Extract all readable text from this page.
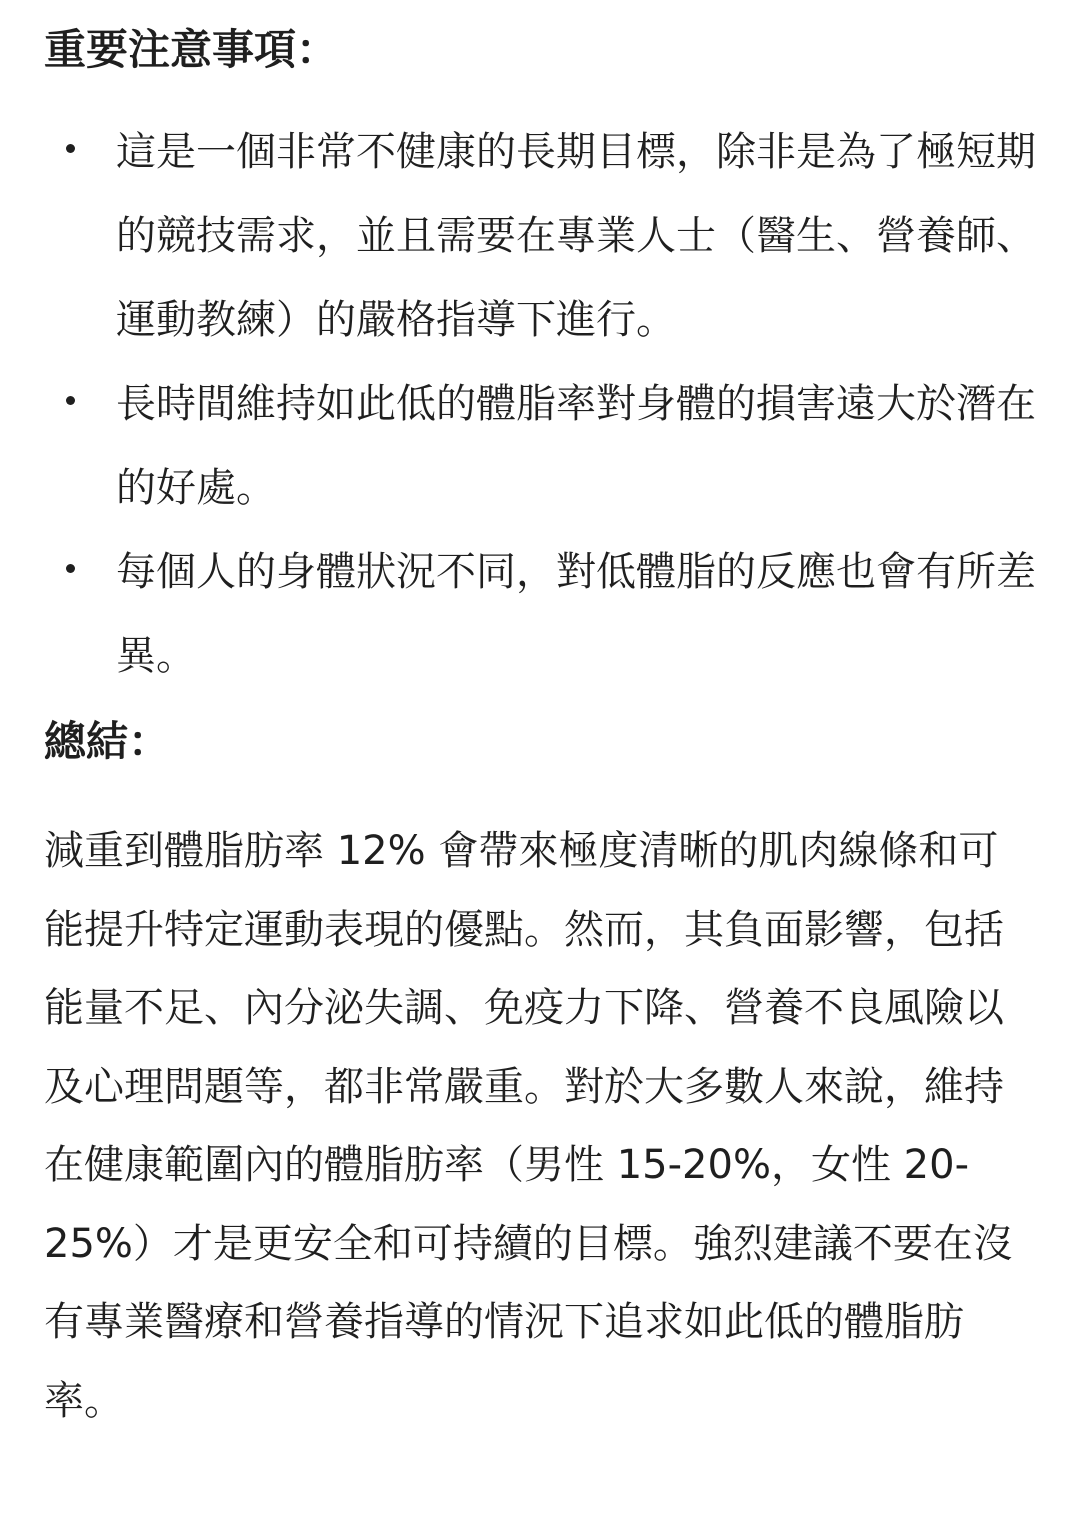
重要注意事項：
這是一個非常不健康的長期目標，除非是為了極短期的競技需求，並且需要在專業人士（醫生、營養師、運動教練）的嚴格指導下進行。
長時間維持如此低的體脂率對身體的損害遠大於潛在的好處。
每個人的身體狀況不同，對低體脂的反應也會有所差異。
總結：

減重到體脂肪率 12% 會帶來極度清晰的肌肉線條和可能提升特定運動表現的優點。然而，其負面影響，包括能量不足、內分泌失調、免疫力下降、營養不良風險以及心理問題等，都非常嚴重。對於大多數人來說，維持在健康範圍內的體脂肪率（男性 15-20%，女性 20-25%）才是更安全和可持續的目標。強烈建議不要在沒有專業醫療和營養指導的情況下追求如此低的體脂肪率。
